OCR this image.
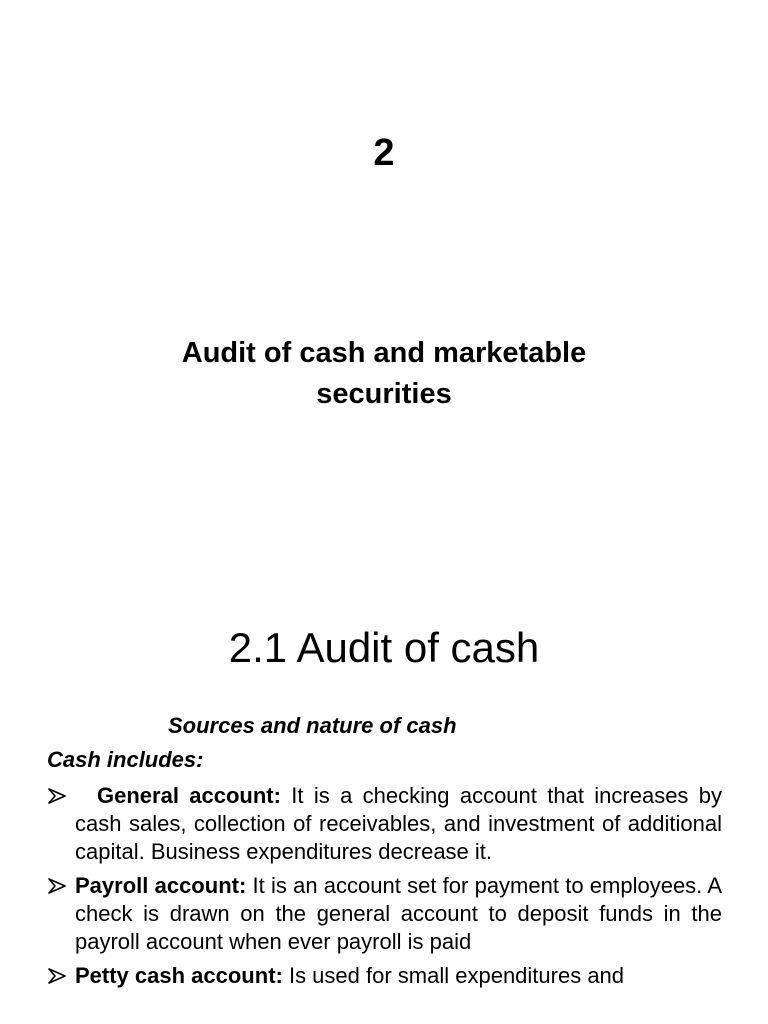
2
Audit of cash and marketable
securities
2.1 Audit of cash
Sources and nature of cash
Cash includes:
General account: It is a checking account that increases by cash sales, collection of receivables, and investment of additional capital. Business expenditures decrease it.
Payroll account: It is an account set for payment to employees. A check is drawn on the general account to deposit funds in the payroll account when ever payroll is paid
Petty cash account: Is used for small expenditures and
